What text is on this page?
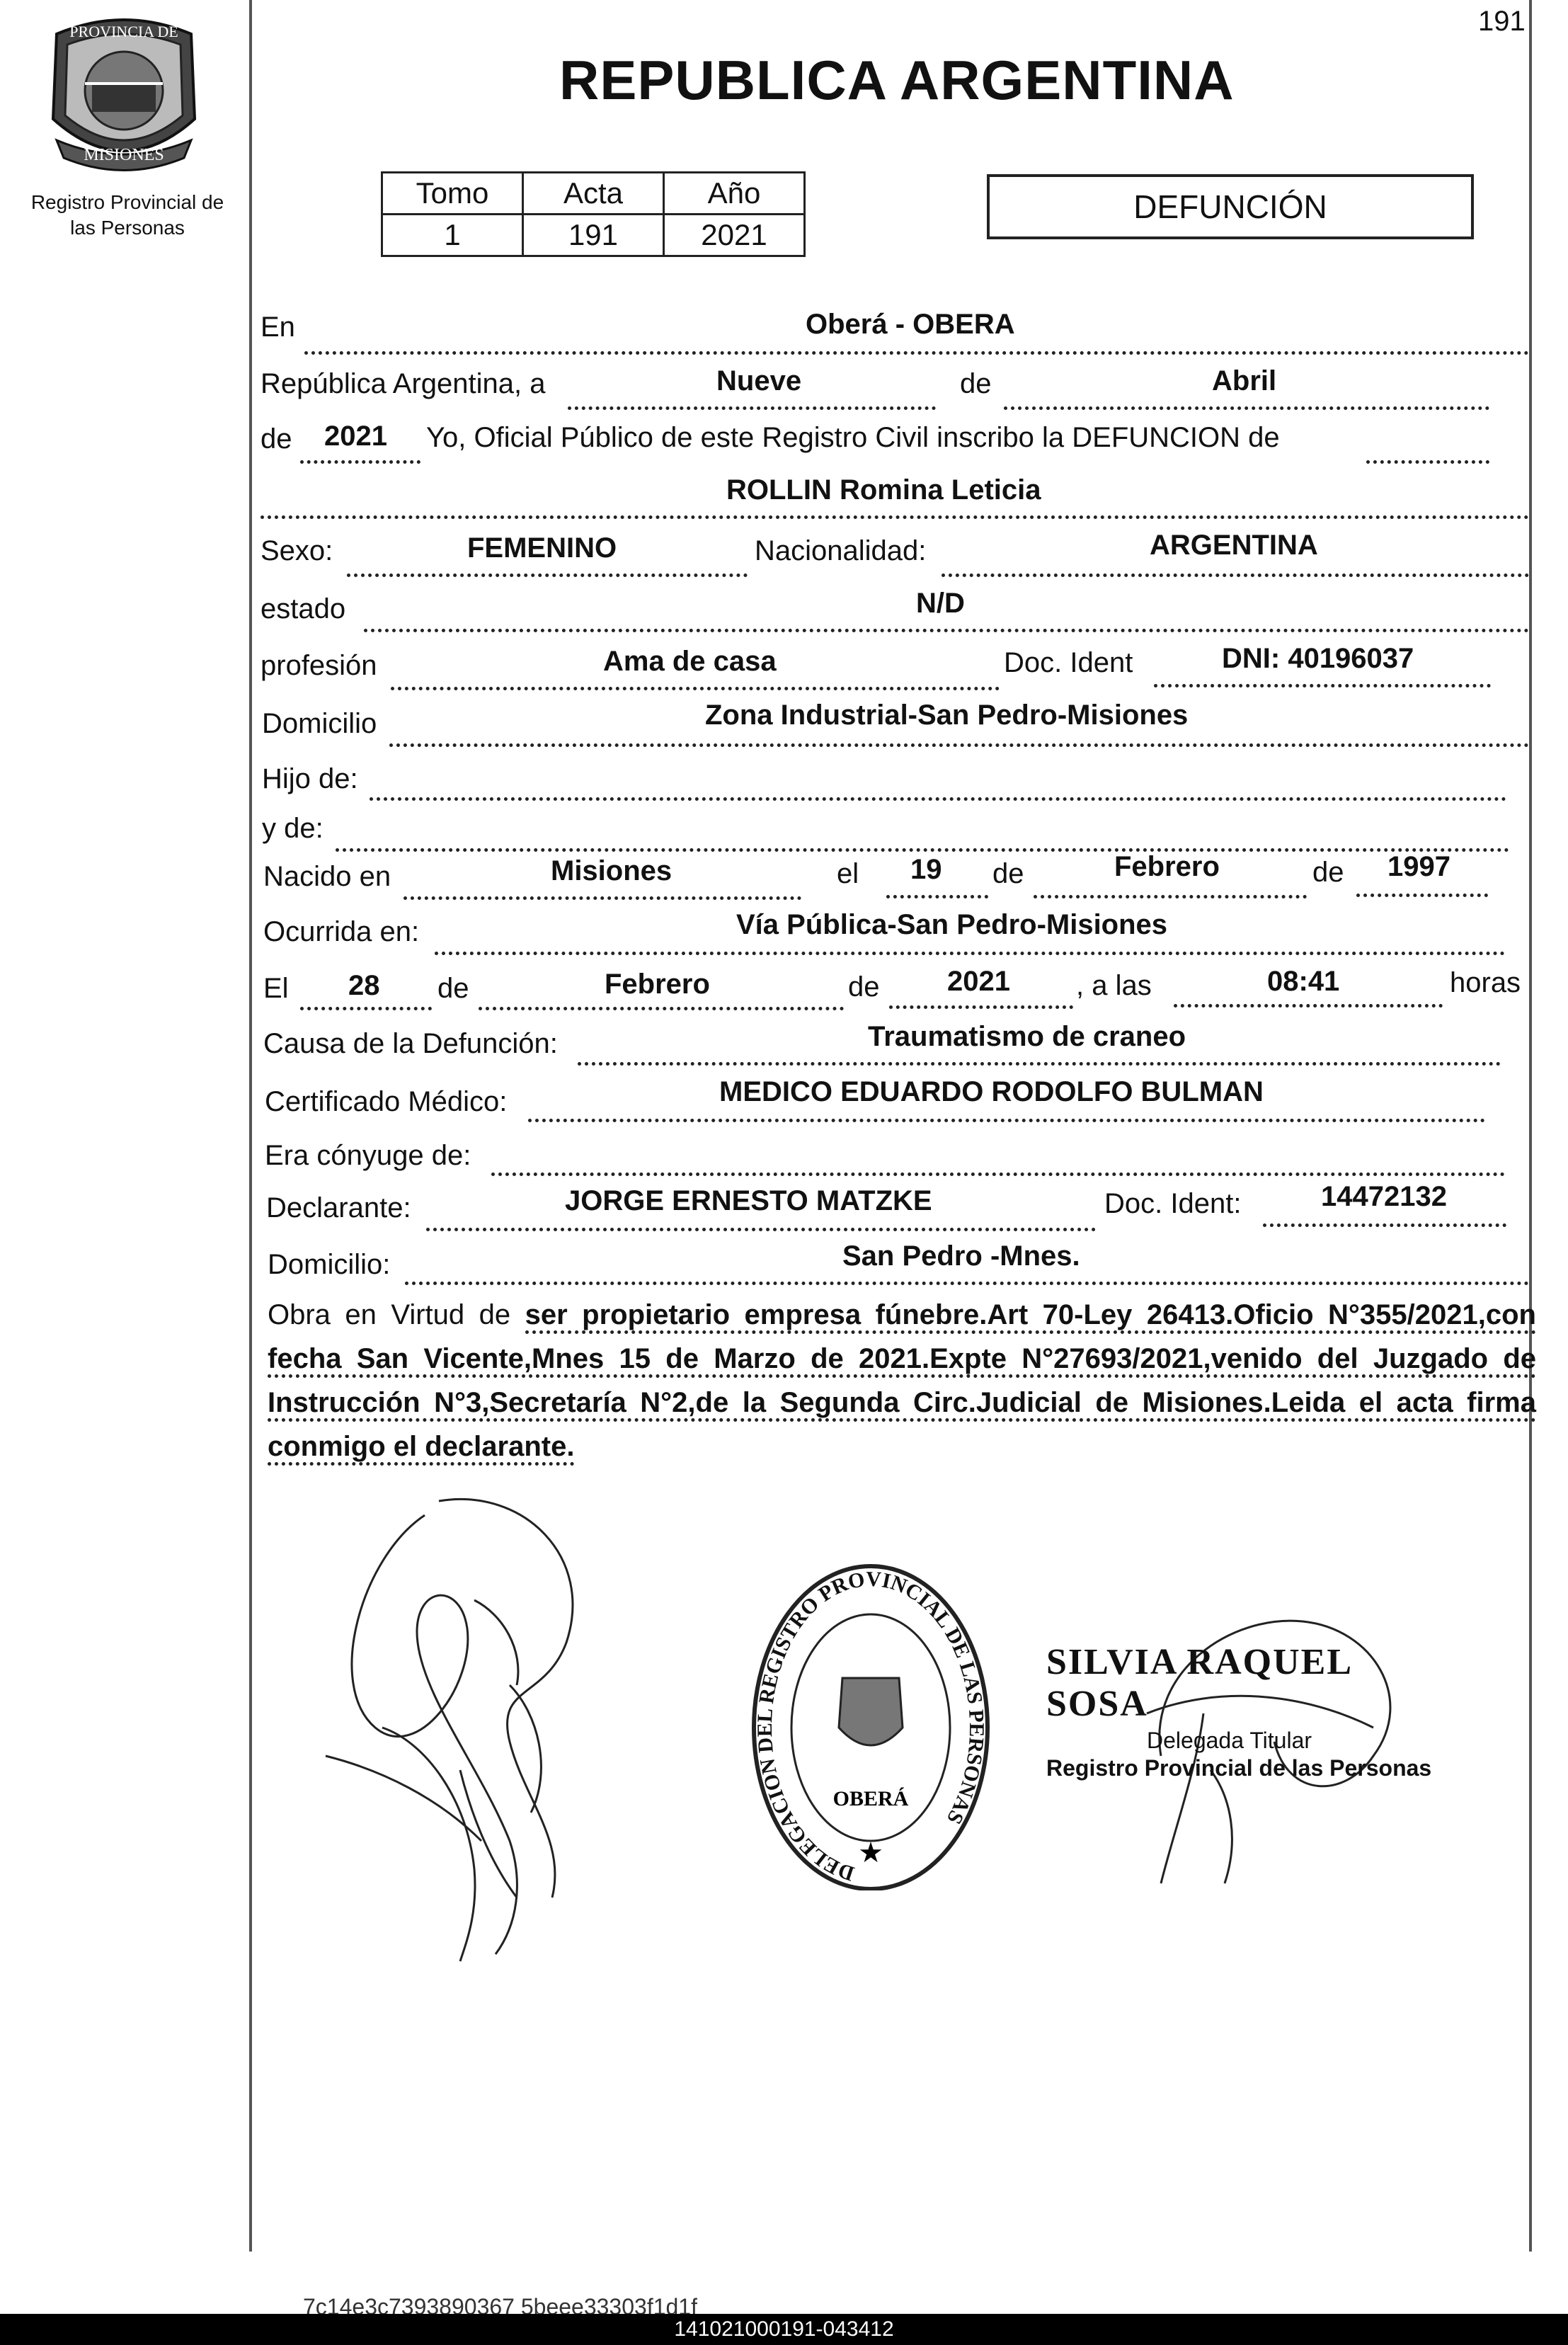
191
PROVINCIA DE
MISIONES
Registro Provincial de
las Personas
REPUBLICA ARGENTINA
Tomo	Acta	Año
1	191	2021
DEFUNCIÓN
En	Oberá - OBERA
República Argentina, a	Nueve	de	Abril
de 2021 Yo, Oficial Público de este Registro Civil inscribo la DEFUNCION de
ROLLIN Romina Leticia
Sexo:	FEMENINO	Nacionalidad:	ARGENTINA
estado	N/D
profesión	Ama de casa	Doc. Ident	DNI: 40196037
Domicilio	Zona Industrial-San Pedro-Misiones
Hijo de:
y de:
Nacido en	Misiones	el 19 de	Febrero	de 1997
Ocurrida en:	Vía Pública-San Pedro-Misiones
El 28 de	Febrero	de 2021 , a las	08:41	horas
Causa de la Defunción:	Traumatismo de craneo
Certificado Médico:	MEDICO EDUARDO RODOLFO BULMAN
Era cónyuge de:
Declarante:	JORGE ERNESTO MATZKE	Doc. Ident:	14472132
Domicilio:	San Pedro -Mnes.
Obra en Virtud de ser propietario empresa fúnebre.Art 70-Ley 26413.Oficio N°355/2021,con fecha San Vicente,Mnes 15 de Marzo de 2021.Expte N°27693/2021,venido del Juzgado de Instrucción N°3,Secretaría N°2,de la Segunda Circ.Judicial de Misiones.Leida el acta firma conmigo el declarante.
DELEGACION DEL REGISTRO PROVINCIAL DE LAS PERSONAS
OBERÁ
★
SILVIA RAQUEL SOSA
Delegada Titular
Registro Provincial de las Personas
7c14e3c7393890367 5beee33303f1d1f
141021000191-043412
